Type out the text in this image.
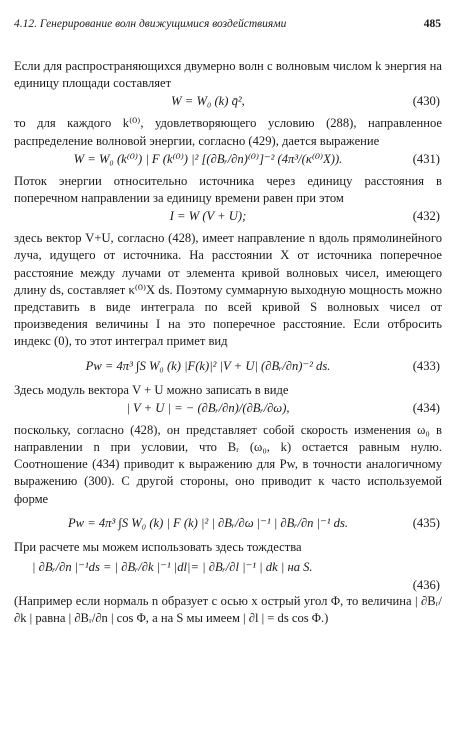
4.12. Генерирование волн движущимися воздействиями	485

Если для распространяющихся двумерно волн с волновым числом k энергия на единицу площади составляет

W = W₀ (k) q̄²,	(430)

то для каждого k⁽⁰⁾, удовлетворяющего условию (288), направленное распределение волновой энергии, согласно (429), дается выражение

W = W₀ (k⁽⁰⁾) | F (k⁽⁰⁾) |² [(∂Bᵣ/∂n)⁽⁰⁾]⁻² (4π³/(κ⁽⁰⁾X)).	(431)

Поток энергии относительно источника через единицу расстояния в поперечном направлении за единицу времени равен при этом

I = W (V + U);	(432)

здесь вектор V+U, согласно (428), имеет направление n вдоль прямолинейного луча, идущего от источника. На расстоянии X от источника поперечное расстояние между лучами от элемента кривой волновых чисел, имеющего длину ds, составляет κ⁽⁰⁾X ds. Поэтому суммарную выходную мощность можно представить в виде интеграла по всей кривой S волновых чисел от произведения величины I на это поперечное расстояние. Если отбросить индекс (0), то этот интеграл примет вид

Pw = 4π³ ∫S W₀ (k) |F(k)|² |V + U| (∂Bᵣ/∂n)⁻² ds.	(433)

Здесь модуль вектора V + U можно записать в виде

| V + U | = − (∂Bᵣ/∂n)/(∂Bᵣ/∂ω),	(434)

поскольку, согласно (428), он представляет собой скорость изменения ω₀ в направлении n при условии, что Bᵣ (ω₀, k) остается равным нулю. Соотношение (434) приводит к выражению для Pw, в точности аналогичному выражению (300). С другой стороны, оно приводит к часто используемой форме

Pw = 4π³ ∫S W₀ (k) | F (k) |² | ∂Bᵣ/∂ω |⁻¹ | ∂Bᵣ/∂n |⁻¹ ds.	(435)

При расчете мы можем использовать здесь тождества

| ∂Bᵣ/∂n |⁻¹ds = | ∂Bᵣ/∂k |⁻¹ |dl|= | ∂Bᵣ/∂l |⁻¹ | dk | на S.
(436)

(Например если нормаль n образует с осью x острый угол Φ, то величина | ∂Bᵣ/∂k | равна | ∂Bᵣ/∂n | cos Φ, а на S мы имеем | ∂l | = ds cos Φ.)
